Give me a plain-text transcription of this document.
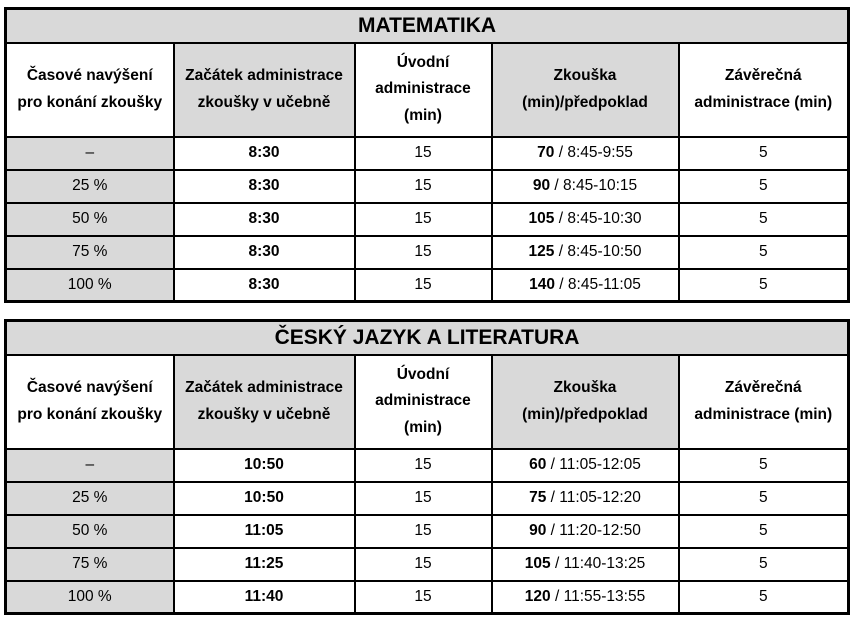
MATEMATIKA				
Časové navýšení pro konání zkoušky	Začátek administrace zkoušky v učebně	Úvodní administrace (min)	Zkouška (min)/předpoklad	Závěrečná administrace (min)
–	8:30	15	70 / 8:45-9:55	5
25 %	8:30	15	90 / 8:45-10:15	5
50 %	8:30	15	105 / 8:45-10:30	5
75 %	8:30	15	125 / 8:45-10:50	5
100 %	8:30	15	140 / 8:45-11:05	5
ČESKÝ JAZYK A LITERATURA				
Časové navýšení pro konání zkoušky	Začátek administrace zkoušky v učebně	Úvodní administrace (min)	Zkouška (min)/předpoklad	Závěrečná administrace (min)
–	10:50	15	60 / 11:05-12:05	5
25 %	10:50	15	75 / 11:05-12:20	5
50 %	11:05	15	90 / 11:20-12:50	5
75 %	11:25	15	105 / 11:40-13:25	5
100 %	11:40	15	120 / 11:55-13:55	5
